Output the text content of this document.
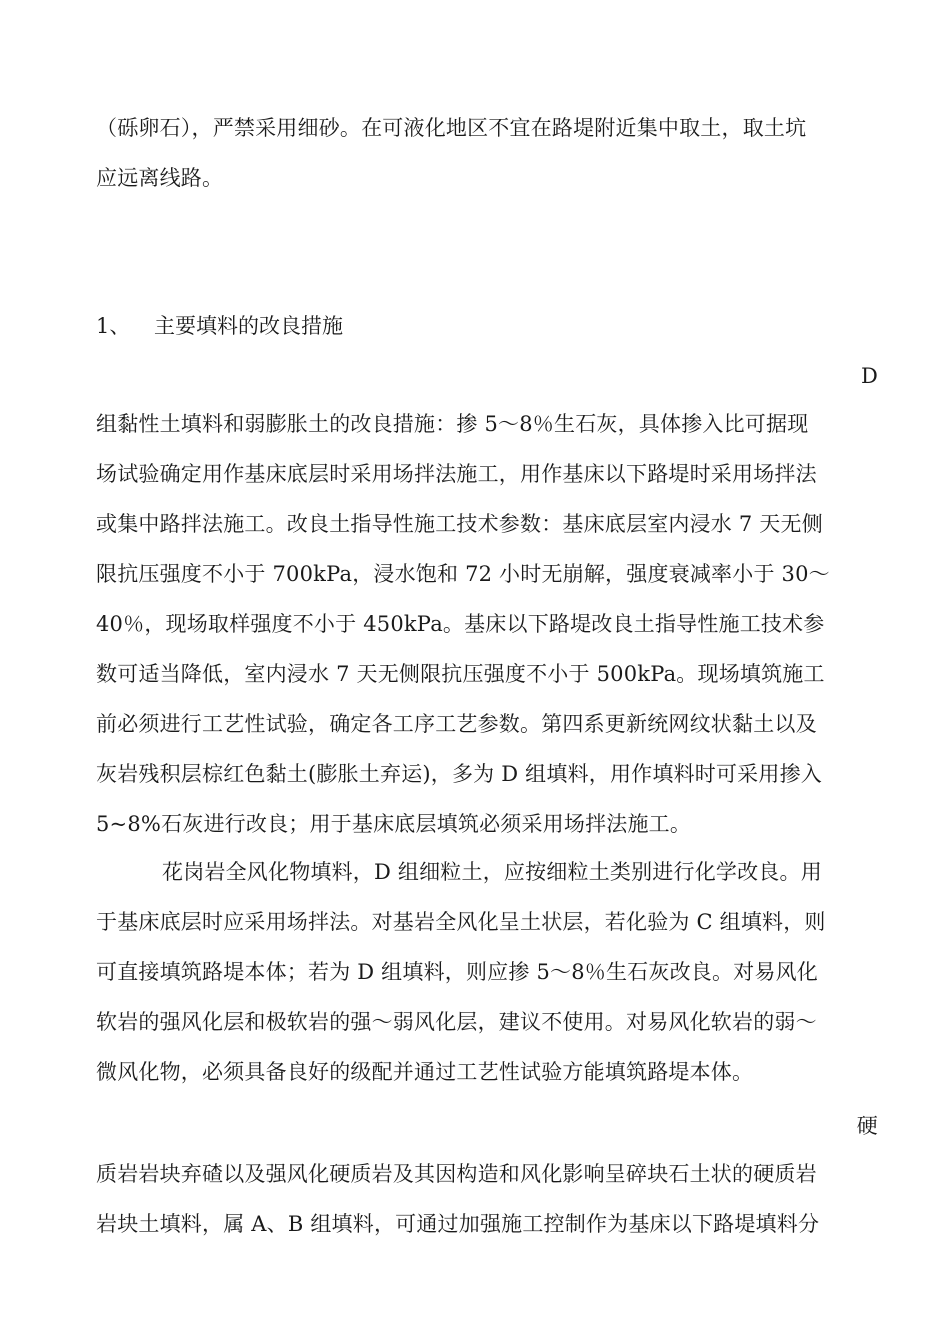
（砾卵石），严禁采用细砂。在可液化地区不宜在路堤附近集中取土，取土坑
应远离线路。
1、 主要填料的改良措施
D
组黏性土填料和弱膨胀土的改良措施：掺 5～8％生石灰，具体掺入比可据现
场试验确定用作基床底层时采用场拌法施工，用作基床以下路堤时采用场拌法
或集中路拌法施工。改良土指导性施工技术参数：基床底层室内浸水 7 天无侧
限抗压强度不小于 700kPa，浸水饱和 72 小时无崩解，强度衰减率小于 30～
40％，现场取样强度不小于 450kPa。基床以下路堤改良土指导性施工技术参
数可适当降低，室内浸水 7 天无侧限抗压强度不小于 500kPa。现场填筑施工
前必须进行工艺性试验，确定各工序工艺参数。第四系更新统网纹状黏土以及
灰岩残积层棕红色黏土(膨胀土弃运)，多为 D 组填料，用作填料时可采用掺入
5~8%石灰进行改良；用于基床底层填筑必须采用场拌法施工。
花岗岩全风化物填料，D 组细粒土，应按细粒土类别进行化学改良。用
于基床底层时应采用场拌法。对基岩全风化呈土状层，若化验为 C 组填料，则
可直接填筑路堤本体；若为 D 组填料，则应掺 5～8％生石灰改良。对易风化
软岩的强风化层和极软岩的强～弱风化层，建议不使用。对易风化软岩的弱～
微风化物，必须具备良好的级配并通过工艺性试验方能填筑路堤本体。
硬
质岩岩块弃碴以及强风化硬质岩及其因构造和风化影响呈碎块石土状的硬质岩
岩块土填料，属 A、B 组填料，可通过加强施工控制作为基床以下路堤填料分
